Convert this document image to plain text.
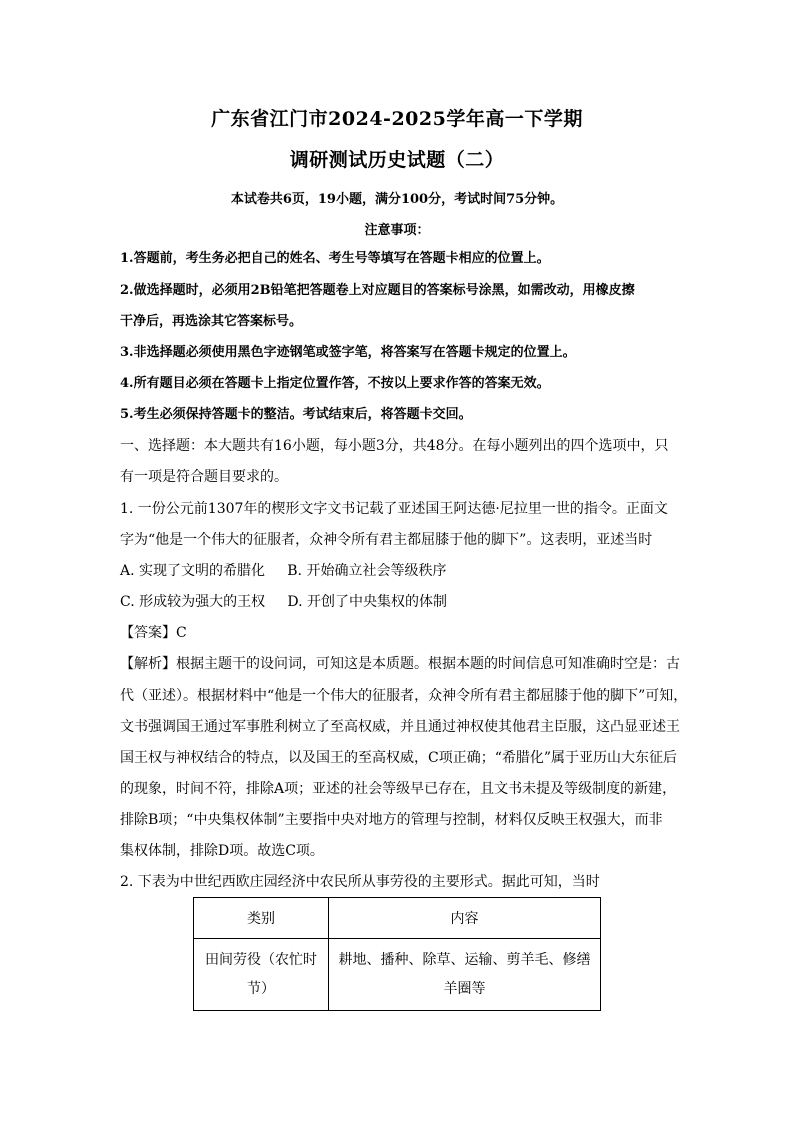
广东省江门市2024-2025学年高一下学期
调研测试历史试题（二）
本试卷共6页，19小题，满分100分，考试时间75分钟。
注意事项：
1.答题前，考生务必把自己的姓名、考生号等填写在答题卡相应的位置上。
2.做选择题时，必须用2B铅笔把答题卷上对应题目的答案标号涂黑，如需改动，用橡皮擦
干净后，再选涂其它答案标号。
3.非选择题必须使用黑色字迹钢笔或签字笔，将答案写在答题卡规定的位置上。
4.所有题目必须在答题卡上指定位置作答，不按以上要求作答的答案无效。
5.考生必须保持答题卡的整洁。考试结束后，将答题卡交回。
一、选择题：本大题共有16小题，每小题3分，共48分。在每小题列出的四个选项中，只
有一项是符合题目要求的。
1. 一份公元前1307年的楔形文字文书记载了亚述国王阿达德·尼拉里一世的指令。正面文
字为“他是一个伟大的征服者，众神令所有君主都屈膝于他的脚下”。这表明，亚述当时
A. 实现了文明的希腊化     B. 开始确立社会等级秩序
C. 形成较为强大的王权     D. 开创了中央集权的体制
【答案】C
【解析】根据主题干的设问词，可知这是本质题。根据本题的时间信息可知准确时空是：古
代（亚述）。根据材料中“他是一个伟大的征服者，众神令所有君主都屈膝于他的脚下”可知，
文书强调国王通过军事胜利树立了至高权威，并且通过神权使其他君主臣服，这凸显亚述王
国王权与神权结合的特点，以及国王的至高权威，C项正确；“希腊化”属于亚历山大东征后
的现象，时间不符，排除A项；亚述的社会等级早已存在，且文书未提及等级制度的新建，
排除B项；“中央集权体制”主要指中央对地方的管理与控制，材料仅反映王权强大，而非
集权体制，排除D项。故选C项。
2. 下表为中世纪西欧庄园经济中农民所从事劳役的主要形式。据此可知，当时
类别	内容
田间劳役（农忙时节）	耕地、播种、除草、运输、剪羊毛、修缮羊圈等
